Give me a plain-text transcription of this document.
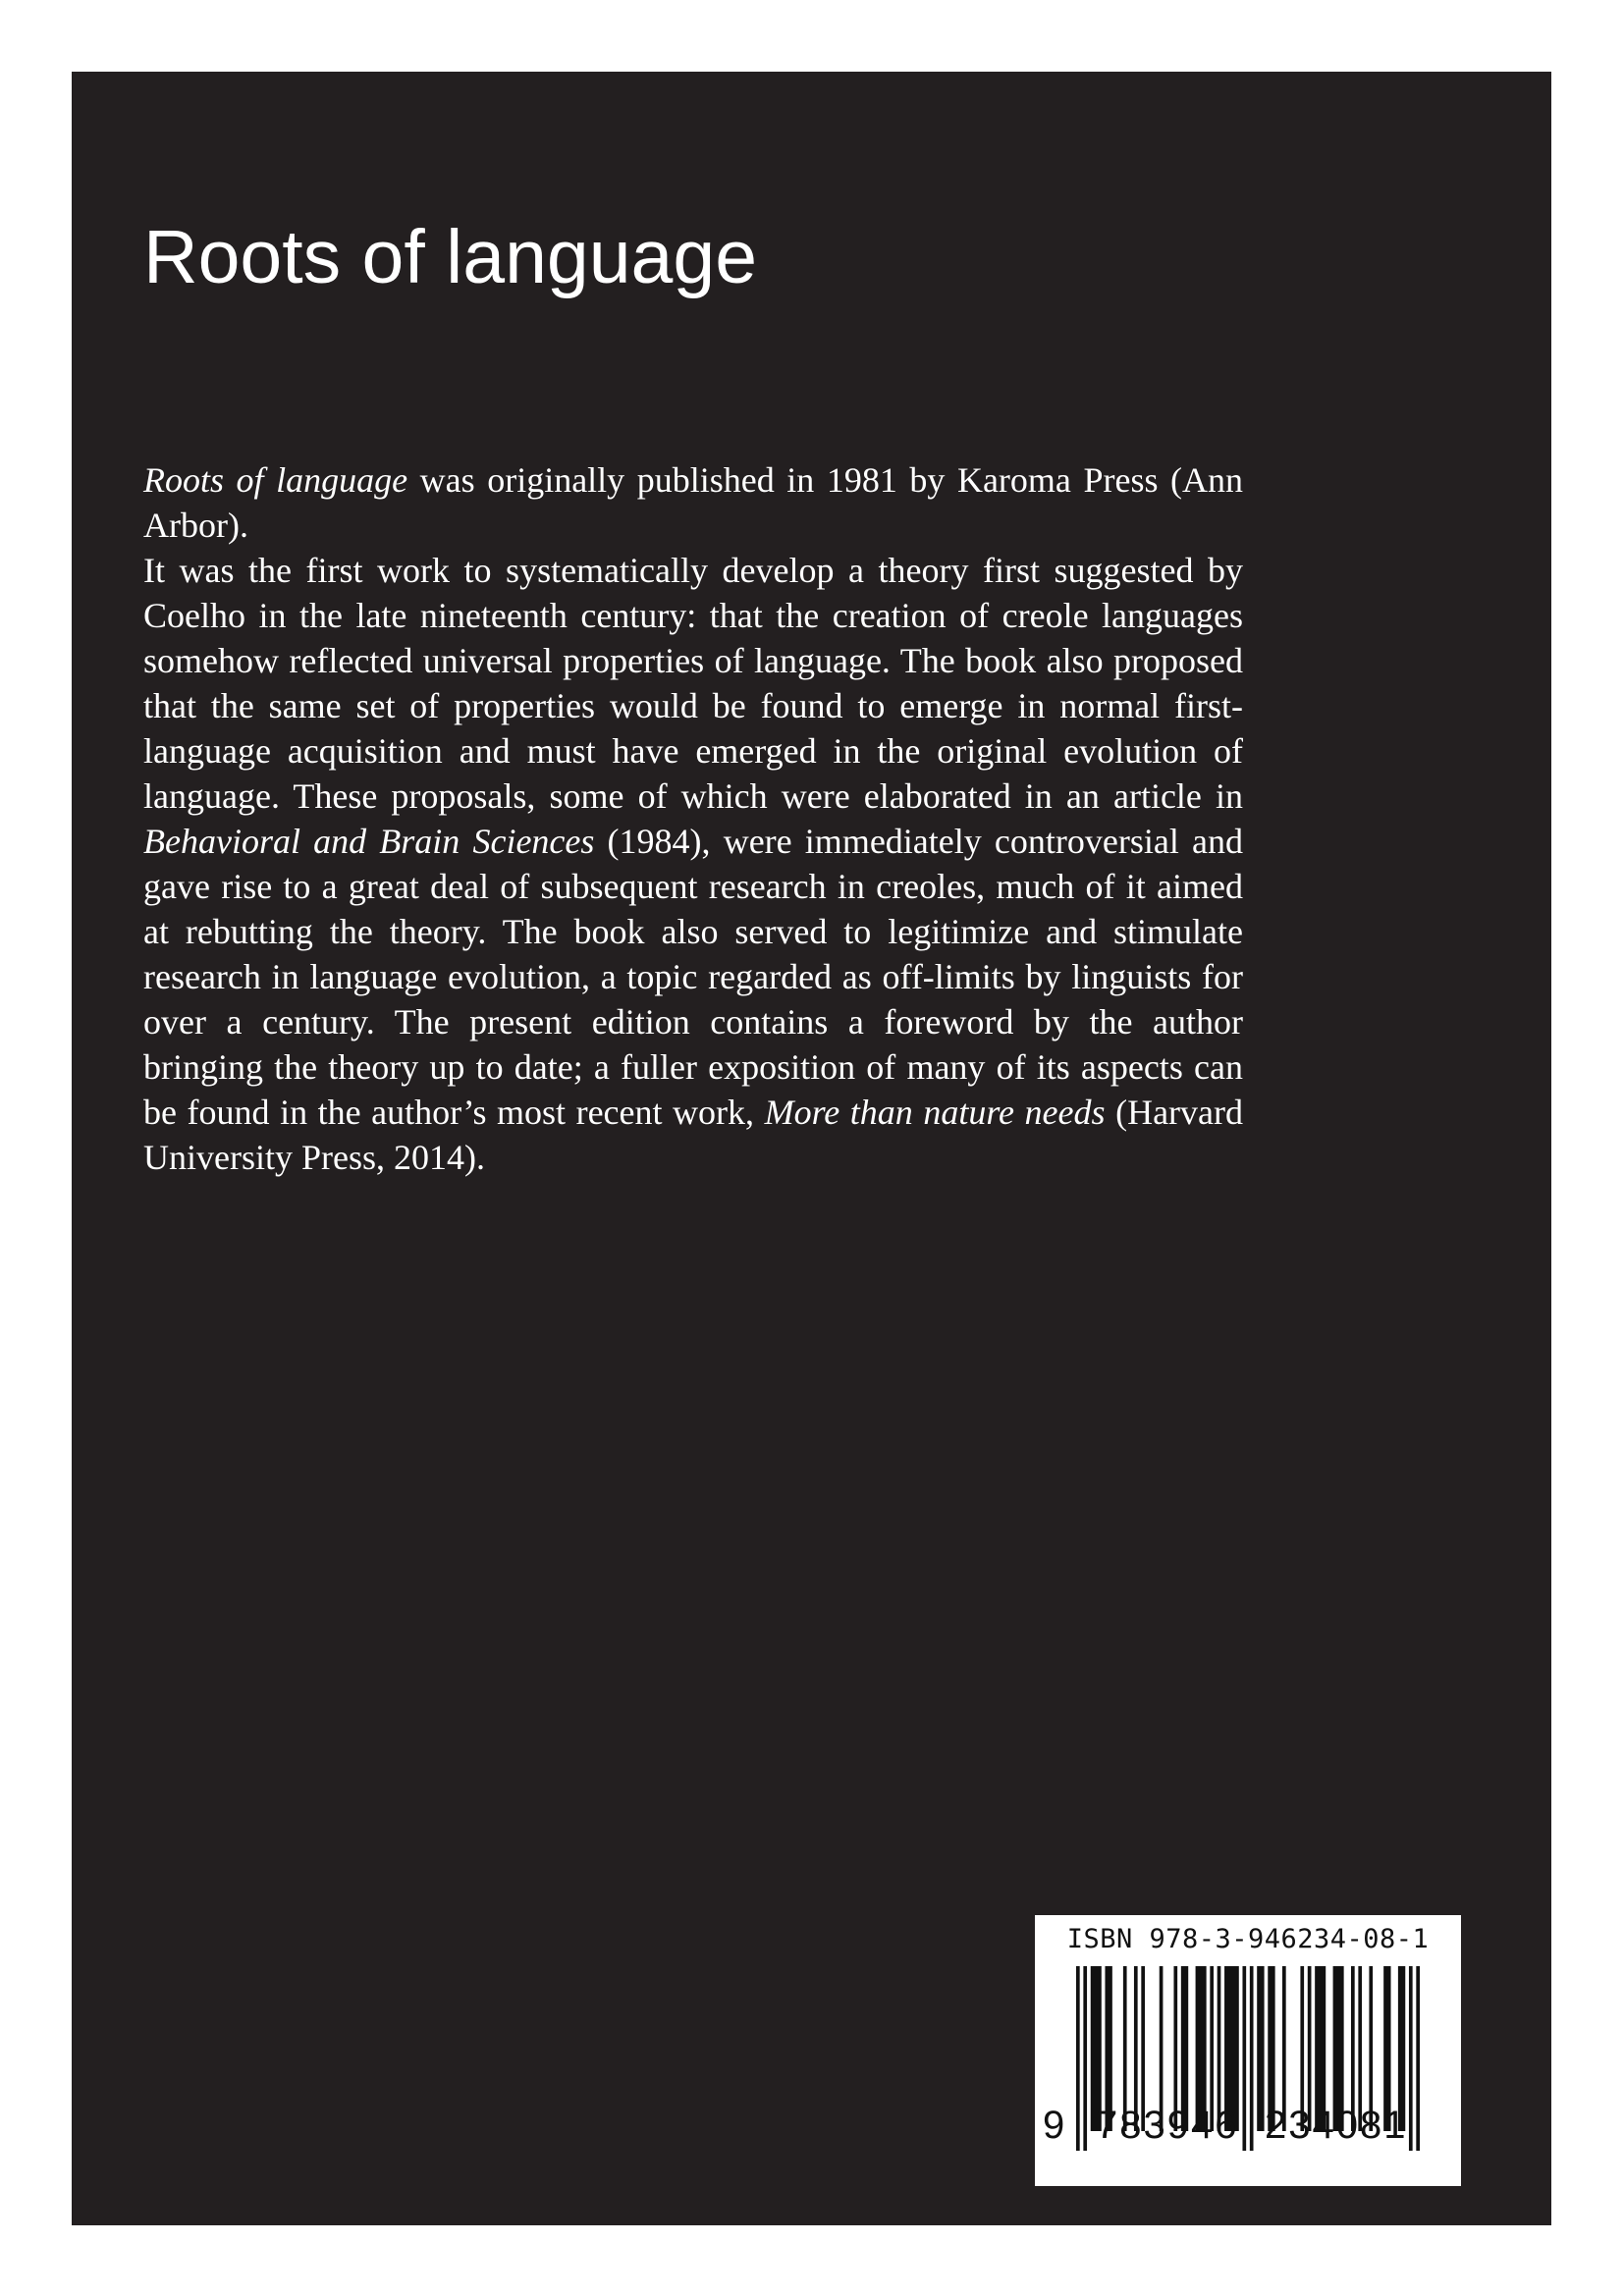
Roots of language

Roots of language was originally published in 1981 by Karoma Press (Ann Arbor).

It was the first work to systematically develop a theory first suggested by Coelho in the late nineteenth century: that the creation of creole languages somehow reflected universal properties of language. The book also proposed that the same set of properties would be found to emerge in normal first-language acquisition and must have emerged in the original evolution of language. These proposals, some of which were elaborated in an article in Behavioral and Brain Sciences (1984), were immediately controversial and gave rise to a great deal of subsequent research in creoles, much of it aimed at rebutting the theory. The book also served to legitimize and stimulate research in language evolution, a topic regarded as off-limits by linguists for over a century. The present edition contains a foreword by the author bringing the theory up to date; a fuller exposition of many of its aspects can be found in the author’s most recent work, More than nature needs (Harvard University Press, 2014).

ISBN 978-3-946234-08-1
9 783946 234081
